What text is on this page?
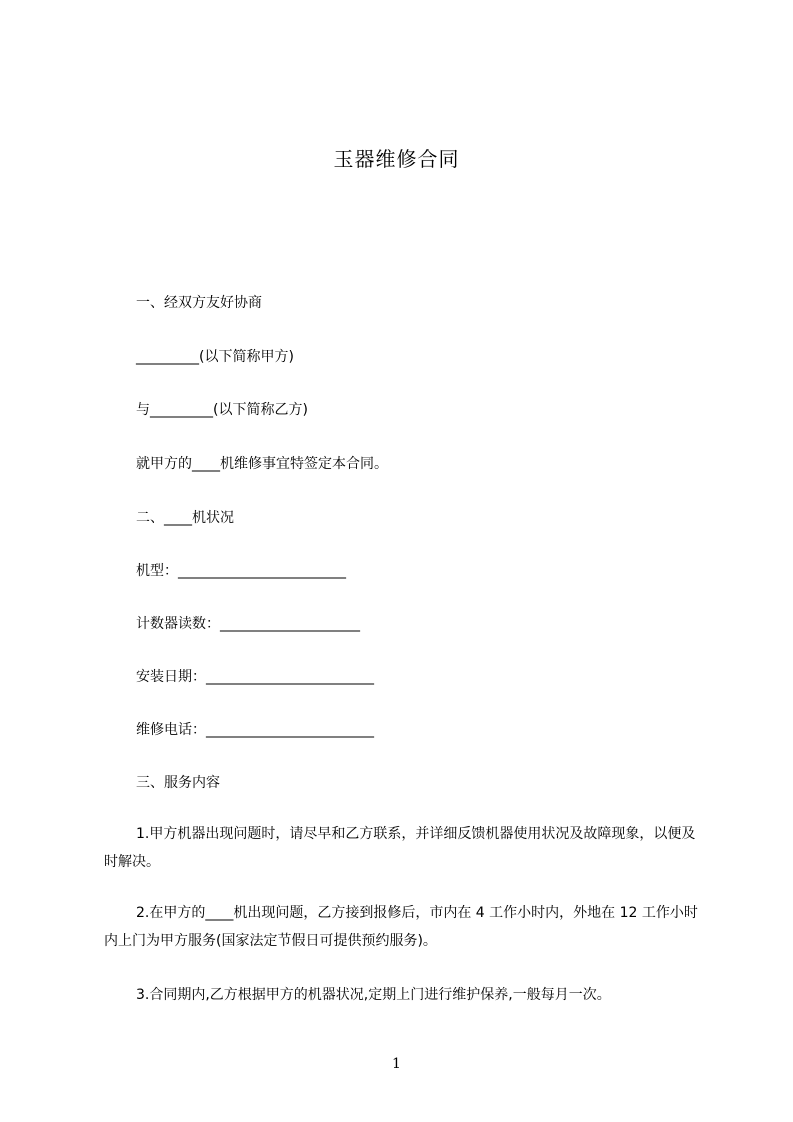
玉器维修合同
一、经双方友好协商
_________(以下简称甲方)
与_________(以下简称乙方)
就甲方的____机维修事宜特签定本合同。
二、____机状况
机型：________________________
计数器读数：____________________
安装日期：________________________
维修电话：________________________
三、服务内容
1.甲方机器出现问题时，请尽早和乙方联系，并详细反馈机器使用状况及故障现象，以便及时解决。
2.在甲方的____机出现问题，乙方接到报修后，市内在 4 工作小时内，外地在 12 工作小时内上门为甲方服务(国家法定节假日可提供预约服务)。
3.合同期内,乙方根据甲方的机器状况,定期上门进行维护保养,一般每月一次。
1
